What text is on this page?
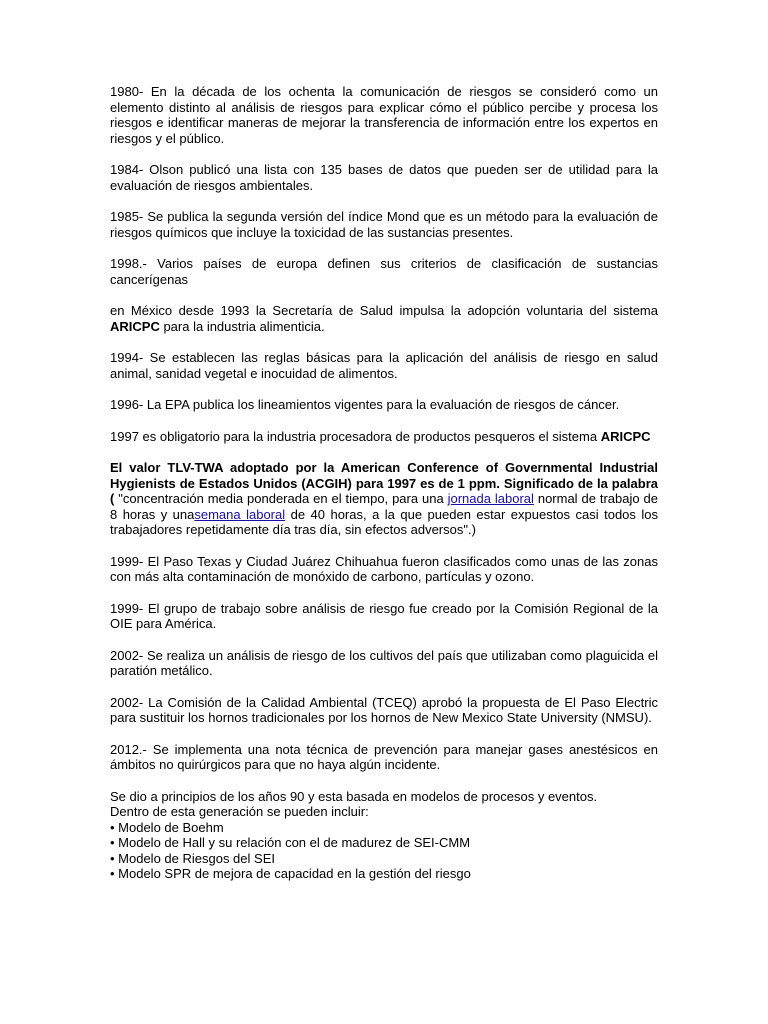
1980- En la década de los ochenta la comunicación de riesgos se consideró como un elemento distinto al análisis de riesgos para explicar cómo el público percibe y procesa los riesgos e identificar maneras de mejorar la transferencia de información entre los expertos en riesgos y el público.

1984- Olson publicó una lista con 135 bases de datos que pueden ser de utilidad para la evaluación de riesgos ambientales.

1985- Se publica la segunda versión del índice Mond que es un método para la evaluación de riesgos químicos que incluye la toxicidad de las sustancias presentes.

1998.- Varios países de europa definen sus criterios de clasificación de sustancias cancerígenas

en México desde 1993 la Secretaría de Salud impulsa la adopción voluntaria del sistema ARICPC para la industria alimenticia.

1994- Se establecen las reglas básicas para la aplicación del análisis de riesgo en salud animal, sanidad vegetal e inocuidad de alimentos.

1996- La EPA publica los lineamientos vigentes para la evaluación de riesgos de cáncer.

1997 es obligatorio para la industria procesadora de productos pesqueros el sistema ARICPC

El valor TLV-TWA adoptado por la American Conference of Governmental Industrial Hygienists de Estados Unidos (ACGIH) para 1997 es de 1 ppm. Significado de la palabra ( "concentración media ponderada en el tiempo, para una jornada laboral normal de trabajo de 8 horas y unasemana laboral de 40 horas, a la que pueden estar expuestos casi todos los trabajadores repetidamente día tras día, sin efectos adversos".)

1999- El Paso Texas y Ciudad Juárez Chihuahua fueron clasificados como unas de las zonas con más alta contaminación de monóxido de carbono, partículas y ozono.

1999- El grupo de trabajo sobre análisis de riesgo fue creado por la Comisión Regional de la OIE para América.

2002- Se realiza un análisis de riesgo de los cultivos del país que utilizaban como plaguicida el paratión metálico.

2002- La Comisión de la Calidad Ambiental (TCEQ) aprobó la propuesta de El Paso Electric para sustituir los hornos tradicionales por los hornos de New Mexico State University (NMSU).

2012.- Se implementa una nota técnica de prevención para manejar gases anestésicos en ámbitos no quirúrgicos para que no haya algún incidente.

Se dio a principios de los años 90 y esta basada en modelos de procesos y eventos.
Dentro de esta generación se pueden incluir:
• Modelo de Boehm
• Modelo de Hall y su relación con el de madurez de SEI-CMM
• Modelo de Riesgos del SEI
• Modelo SPR de mejora de capacidad en la gestión del riesgo
